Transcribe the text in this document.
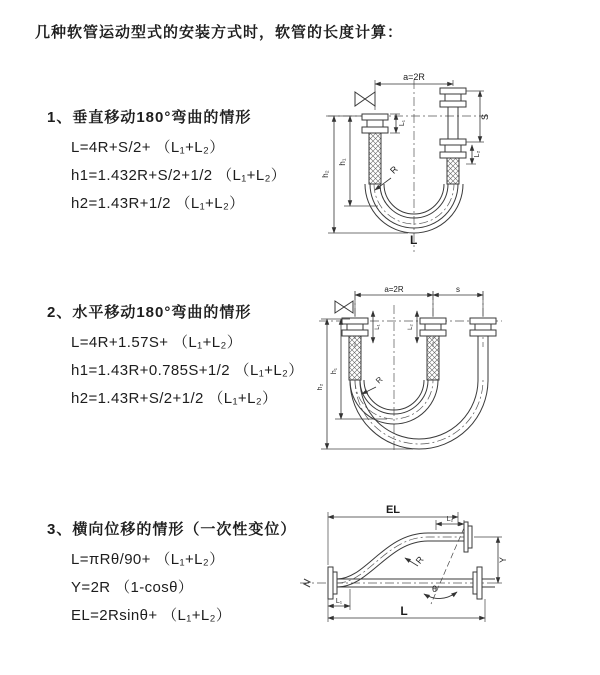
几种软管运动型式的安装方式时，软管的长度计算：
1、垂直移动180°弯曲的情形
L=4R+S/2+ （L₁+L₂）
h1=1.432R+S/2+1/2 （L₁+L₂）
h2=1.43R+1/2 （L₁+L₂）
2、水平移动180°弯曲的情形
L=4R+1.57S+ （L₁+L₂）
h1=1.43R+0.785S+1/2 （L₁+L₂）
h2=1.43R+S/2+1/2 （L₁+L₂）
3、横向位移的情形（一次性变位）
L=πRθ/90+ （L₁+L₂）
Y=2R （1-cosθ）
EL=2Rsinθ+ （L₁+L₂）
a=2R
S
L₂
L₁
h₁
h₂	R
L
a=2R	s
L₁	L₂
h₁
h₂
R
θ
R
EL
L₂
Y
L₁
L
